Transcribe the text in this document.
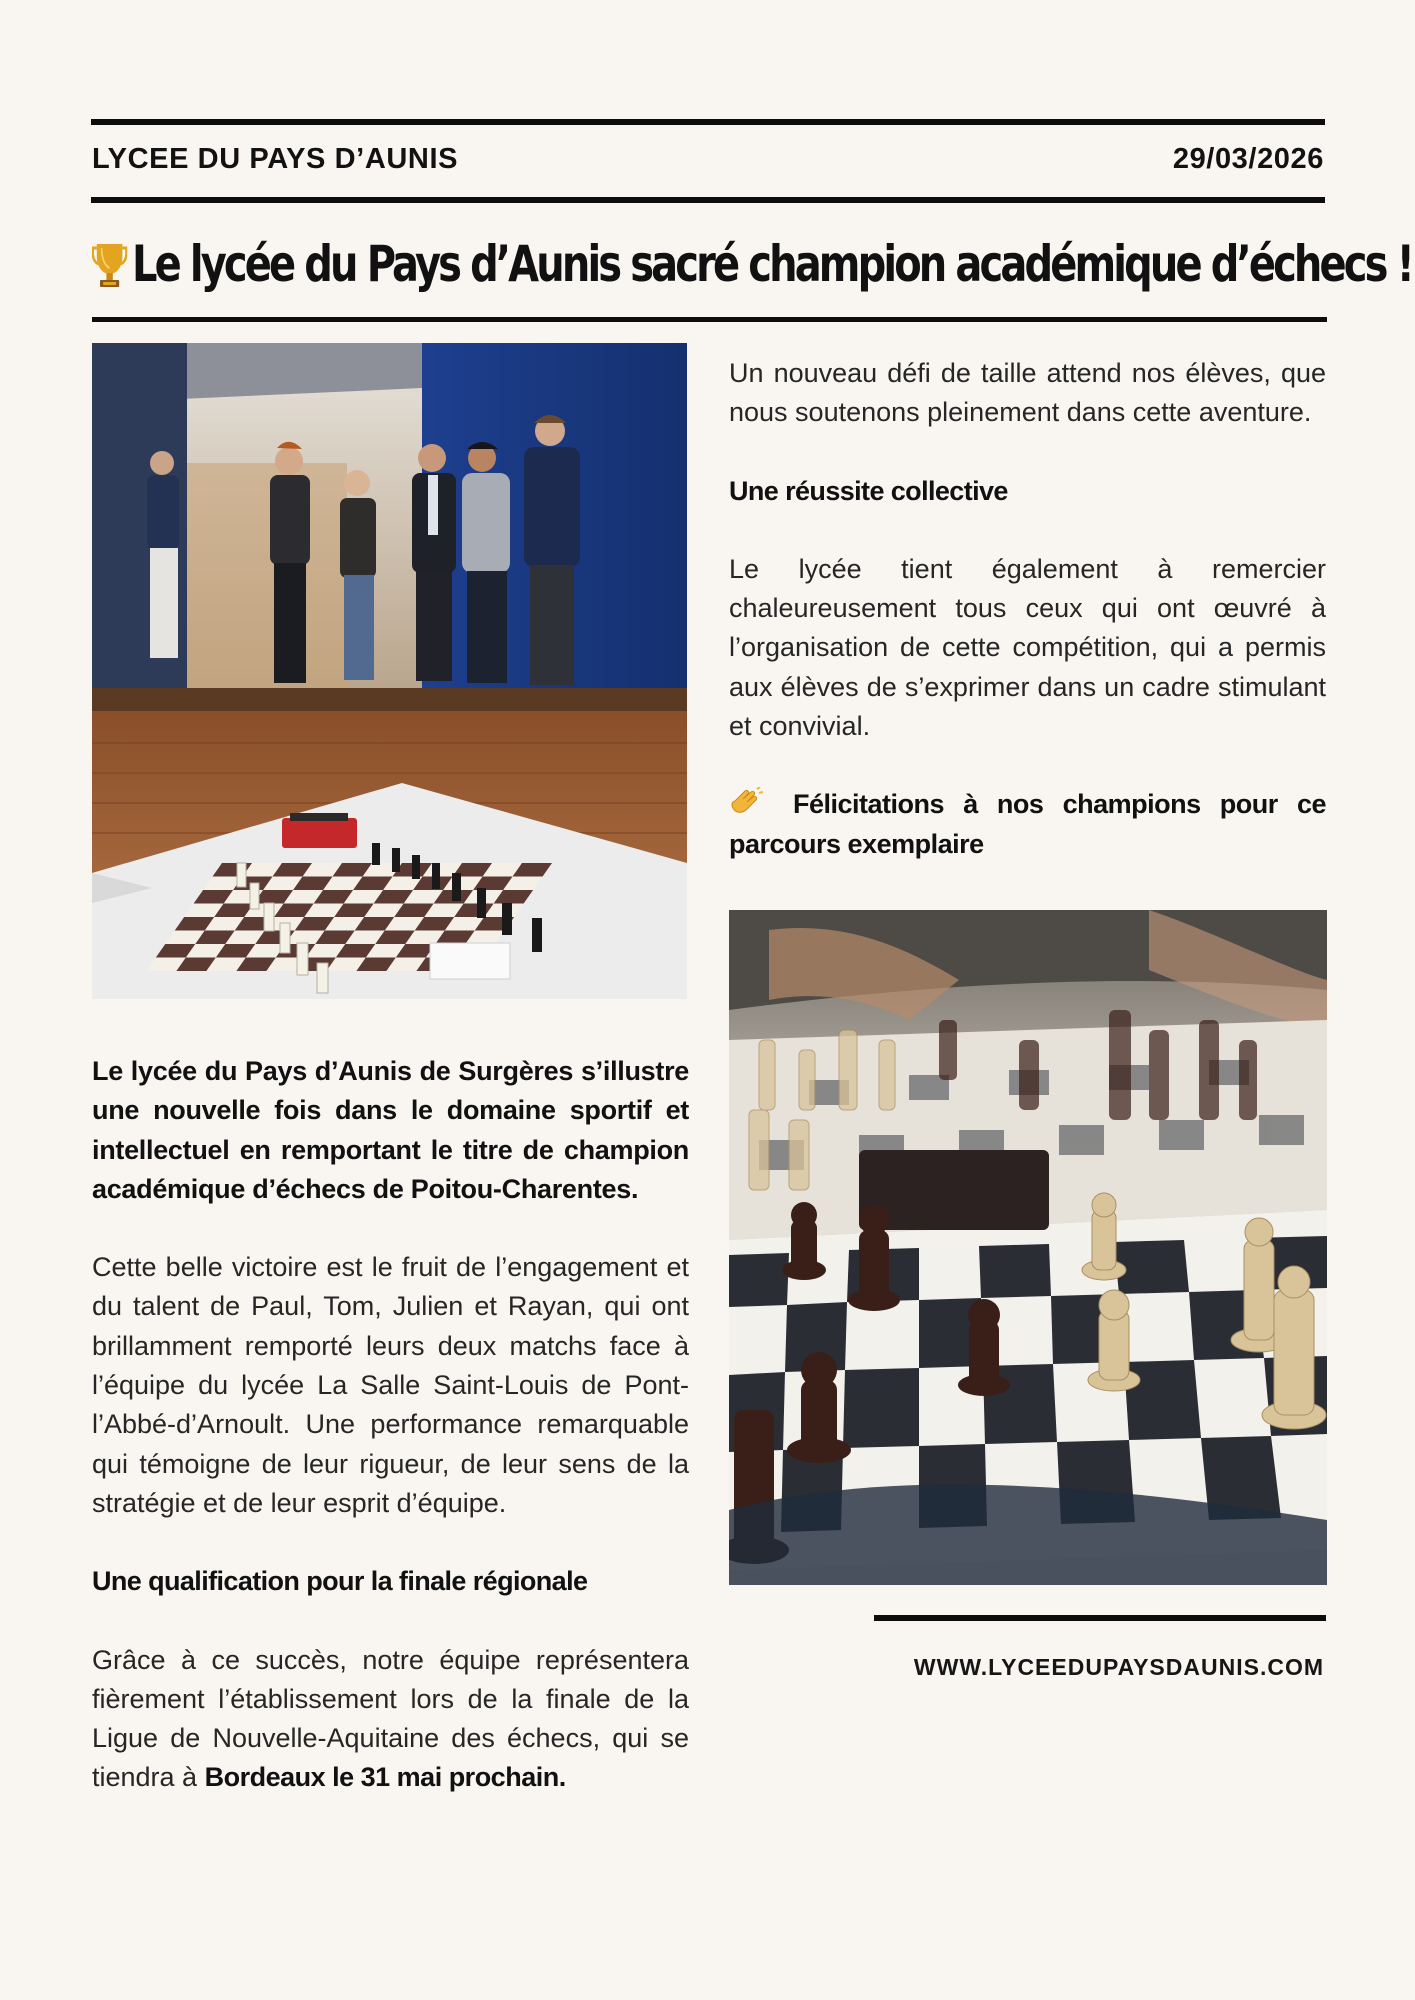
LYCEE DU PAYS D’AUNIS	29/03/2026
Le lycée du Pays d’Aunis sacré champion académique d’échecs !

Le lycée du Pays d’Aunis de Surgères s’illustre une nouvelle fois dans le domaine sportif et intellectuel en remportant le titre de champion académique d’échecs de Poitou-Charentes.

Cette belle victoire est le fruit de l’engagement et du talent de Paul, Tom, Julien et Rayan, qui ont brillamment remporté leurs deux matchs face à l’équipe du lycée La Salle Saint-Louis de Pont-l’Abbé-d’Arnoult. Une performance remarquable qui témoigne de leur rigueur, de leur sens de la stratégie et de leur esprit d’équipe.

Une qualification pour la finale régionale

Grâce à ce succès, notre équipe représentera fièrement l’établissement lors de la finale de la Ligue de Nouvelle-Aquitaine des échecs, qui se tiendra à Bordeaux le 31 mai prochain.

Un nouveau défi de taille attend nos élèves, que nous soutenons pleinement dans cette aventure.

Une réussite collective

Le lycée tient également à remercier chaleureusement tous ceux qui ont œuvré à l’organisation de cette compétition, qui a permis aux élèves de s’exprimer dans un cadre stimulant et convivial.

Félicitations à nos champions pour ce parcours exemplaire

WWW.LYCEEDUPAYSDAUNIS.COM
